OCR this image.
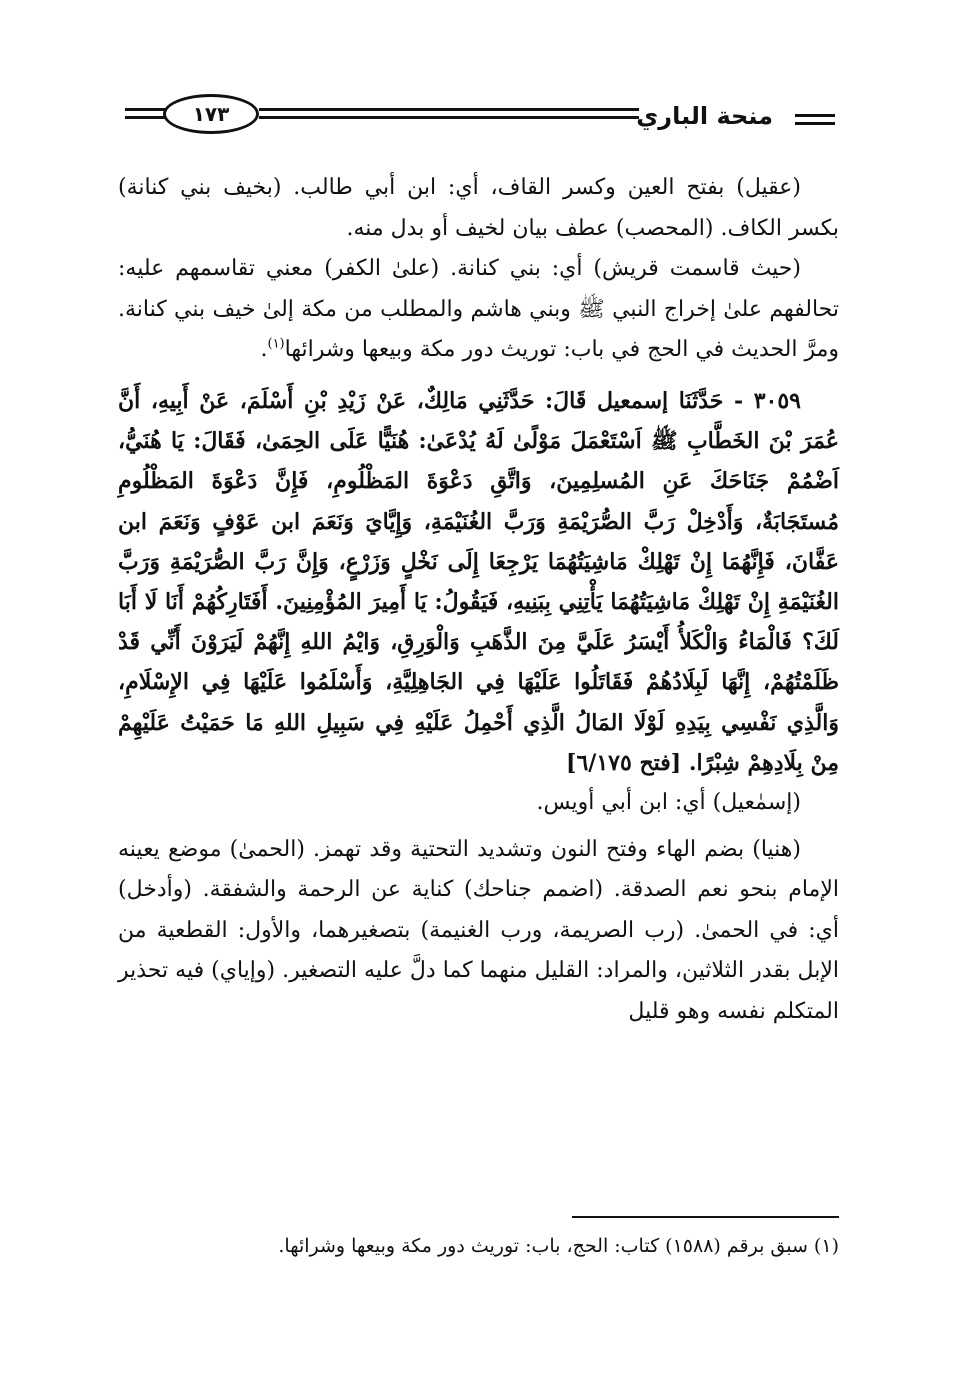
١٧٣	منحة الباري

(عقيل) بفتح العين وكسر القاف، أي: ابن أبي طالب. (بخيف بني كنانة) بكسر الكاف. (المحصب) عطف بيان لخيف أو بدل منه.

(حيث قاسمت قريش) أي: بني كنانة. (علىٰ الكفر) معني تقاسمهم عليه: تحالفهم علىٰ إخراج النبي ﷺ وبني هاشم والمطلب من مكة إلىٰ خيف بني كنانة. ومرَّ الحديث في الحج في باب: توريث دور مكة وبيعها وشرائها$^{(١)}$.

٣٠٥٩ - حَدَّثَنَا إسمعيل قَالَ: حَدَّثَنِي مَالِكٌ، عَنْ زَيْدِ بْنِ أَسْلَمَ، عَنْ أَبِيهِ، أَنَّ عُمَرَ بْنَ الخَطَّابِ ﷺ اَسْتَعْمَلَ مَوْلًىٰ لَهُ يُدْعَىٰ: هُنَيًّا عَلَى الحِمَىٰ، فَقَالَ: يَا هُنَيُّ، اَضْمُمْ جَنَاحَكَ عَنِ المُسلِمِينَ، وَاتَّقِ دَعْوَةَ المَظْلُومِ، فَإِنَّ دَعْوَةَ المَظْلُومِ مُستَجَابَةٌ، وَأَدْخِلْ رَبَّ الصُّرَيْمَةِ وَرَبَّ الغُنَيْمَةِ، وَإِيَّايَ وَنَعَمَ ابن عَوْفٍ وَنَعَمَ ابن عَفَّانَ، فَإِنَّهُمَا إِنْ تَهْلِكْ مَاشِيَتُهُمَا يَرْجِعَا إِلَى نَخْلٍ وَزَرْعٍ، وَإِنَّ رَبَّ الصُّرَيْمَةِ وَرَبَّ الغُنَيْمَةِ إِنْ تَهْلِكْ مَاشِيَتُهُمَا يَأْتِنِي بِبَنِيهِ، فَيَقُولُ: يَا أَمِيرَ المُؤْمِنِينَ. أَفَتَارِكُهُمْ أَنَا لَا أَبَا لَكَ؟ فَالْمَاءُ وَالْكَلأُ أَيْسَرُ عَلَيَّ مِنَ الذَّهَبِ وَالْوَرِقِ، وَايْمُ اللهِ إِنَّهُمْ لَيَرَوْنَ أَنِّي قَدْ ظَلَمْتُهُمْ، إِنَّهَا لَبِلَادُهُمْ فَقَاتَلُوا عَلَيْهَا فِي الجَاهِلِيَّةِ، وَأَسْلَمُوا عَلَيْهَا فِي الإِسْلَامِ، وَالَّذِي نَفْسِي بِيَدِهِ لَوْلَا المَالُ الَّذِي أَحْمِلُ عَلَيْهِ فِي سَبِيلِ اللهِ مَا حَمَيْتُ عَلَيْهِمْ مِنْ بِلَادِهِمْ شِبْرًا. [فتح ٦/١٧٥]

(إسمٰعيل) أي: ابن أبي أويس.

(هنيا) بضم الهاء وفتح النون وتشديد التحتية وقد تهمز. (الحمىٰ) موضع يعينه الإمام بنحو نعم الصدقة. (اضمم جناحك) كناية عن الرحمة والشفقة. (وأدخل) أي: في الحمىٰ. (رب الصريمة، ورب الغنيمة) بتصغيرهما، والأول: القطعية من الإبل بقدر الثلاثين، والمراد: القليل منهما كما دلَّ عليه التصغير. (وإياي) فيه تحذير المتكلم نفسه وهو قليل

(١) سبق برقم (١٥٨٨) كتاب: الحج، باب: توريث دور مكة وبيعها وشرائها.
